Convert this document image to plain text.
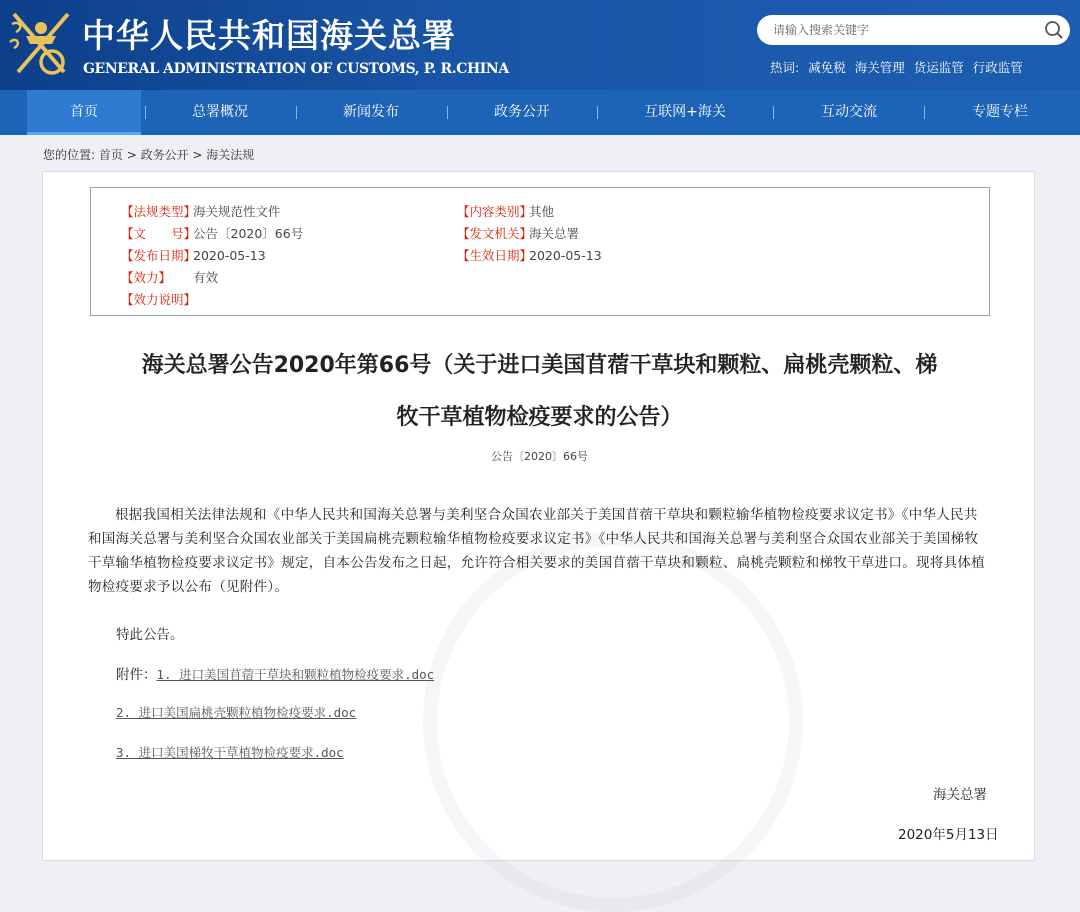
中华人民共和国海关总署
GENERAL ADMINISTRATION OF CUSTOMS, P. R.CHINA
请输入搜索关键字	热词: 减免税 海关管理 货运监管 行政监管
首页	总署概况	新闻发布	政务公开	互联网+海关	互动交流	专题专栏
您的位置: 首页 > 政务公开 > 海关法规
【法规类型】海关规范性文件	【内容类别】其他
【文　　号】公告〔2020〕66号	【发文机关】海关总署
【发布日期】2020-05-13	【生效日期】2020-05-13
【效力】 有效
【效力说明】
海关总署公告2020年第66号（关于进口美国苜蓿干草块和颗粒、扁桃壳颗粒、梯
牧干草植物检疫要求的公告）
公告〔2020〕66号
根据我国相关法律法规和《中华人民共和国海关总署与美利坚合众国农业部关于美国苜蓿干草块和颗粒输华植物检疫要求议定书》《中华人民共和国海关总署与美利坚合众国农业部关于美国扁桃壳颗粒输华植物检疫要求议定书》《中华人民共和国海关总署与美利坚合众国农业部关于美国梯牧干草输华植物检疫要求议定书》规定，自本公告发布之日起，允许符合相关要求的美国苜蓿干草块和颗粒、扁桃壳颗粒和梯牧干草进口。现将具体植物检疫要求予以公布（见附件）。
特此公告。
附件：1. 进口美国苜蓿干草块和颗粒植物检疫要求.doc
2. 进口美国扁桃壳颗粒植物检疫要求.doc
3. 进口美国梯牧干草植物检疫要求.doc
海关总署
2020年5月13日
